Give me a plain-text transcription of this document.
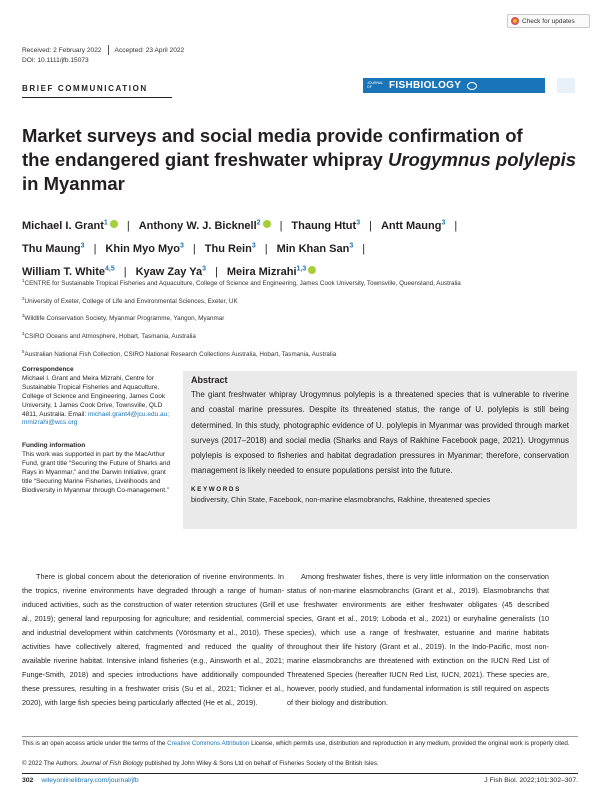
Check for updates
Received: 2 February 2022 Accepted: 23 April 2022
DOI: 10.1111/jfb.15073
BRIEF COMMUNICATION
JOURNAL OF	FISHBIOLOGY
Market surveys and social media provide confirmation of
the endangered giant freshwater whipray Urogymnus polylepis
in Myanmar
Michael I. Grant$^1$ | Anthony W. J. Bicknell$^2$ | Thaung Htut$^3$ | Antt Maung$^3$ |
Thu Maung$^3$ | Khin Myo Myo$^3$ | Thu Rein$^3$ | Min Khan San$^3$ |
William T. White$^{4,5}$ | Kyaw Zay Ya$^3$ | Meira Mizrahi$^{1,3}$

$^1$CENTRE for Sustainable Tropical Fisheries and Aquaculture, College of Science and Engineering, James Cook University, Townsville, Queensland, Australia

$^2$University of Exeter, College of Life and Environmental Sciences, Exeter, UK

$^3$Wildlife Conservation Society, Myanmar Programme, Yangon, Myanmar

$^4$CSIRO Oceans and Atmosphere, Hobart, Tasmania, Australia

$^5$Australian National Fish Collection, CSIRO National Research Collections Australia, Hobart, Tasmania, Australia

Correspondence
Michael I. Grant and Meira Mizrahi, Centre for Sustainable Tropical Fisheries and Aquaculture, College of Science and Engineering, James Cook University, 1 James Cook Drive, Townsville, QLD 4811, Australia. Email: michael.grant4@jcu.edu.au; mmizrahi@wcs.org
Funding information
This work was supported in part by the MacArthur Fund, grant title “Securing the Future of Sharks and Rays in Myanmar,” and the Darwin Initiative, grant title “Securing Marine Fisheries, Livelihoods and Biodiversity in Myanmar through Co-management.”
Abstract
The giant freshwater whipray Urogymnus polylepis is a threatened species that is vulnerable to riverine and coastal marine pressures. Despite its threatened status, the range of U. polylepis is still being determined. In this study, photographic evidence of U. polylepis in Myanmar was provided through market surveys (2017–2018) and social media (Sharks and Rays of Rakhine Facebook page, 2021). Urogymnus polylepis is exposed to fisheries and habitat degradation pressures in Myanmar; therefore, conservation management is likely needed to ensure populations persist into the future.
KEYWORDS
biodiversity, Chin State, Facebook, non-marine elasmobranchs, Rakhine, threatened species

There is global concern about the deterioration of riverine environments. In the tropics, riverine environments have degraded through a range of human-induced activities, such as the construction of water retention structures (Grill et al., 2019); general land repurposing for agriculture; and residential, commercial and industrial development within catchments (Vörösmarty et al., 2010). These activities have collectively altered, fragmented and reduced the quality of available riverine habitat. Intensive inland fisheries (e.g., Ainsworth et al., 2021; Funge-Smith, 2018) and species introductions have additionally compounded these pressures, resulting in a freshwater crisis (Su et al., 2021; Tickner et al., 2020), with large fish species being particularly affected (He et al., 2019).

Among freshwater fishes, there is very little information on the conservation status of non-marine elasmobranchs (Grant et al., 2019). Elasmobranchs that use freshwater environments are either freshwater obligates (45 described species, Grant et al., 2019; Loboda et al., 2021) or euryhaline generalists (10 species), which use a range of freshwater, estuarine and marine habitats throughout their life history (Grant et al., 2019). In the Indo-Pacific, most non-marine elasmobranchs are threatened with extinction on the IUCN Red List of Threatened Species (hereafter IUCN Red List, IUCN, 2021). These species are, however, poorly studied, and fundamental information is still required on aspects of their biology and distribution.

This is an open access article under the terms of the Creative Commons Attribution License, which permits use, distribution and reproduction in any medium, provided the original work is properly cited.
© 2022 The Authors. Journal of Fish Biology published by John Wiley & Sons Ltd on behalf of Fisheries Society of the British Isles.
302 wileyonlinelibrary.com/journal/jfb	J Fish Biol. 2022;101:302–307.
